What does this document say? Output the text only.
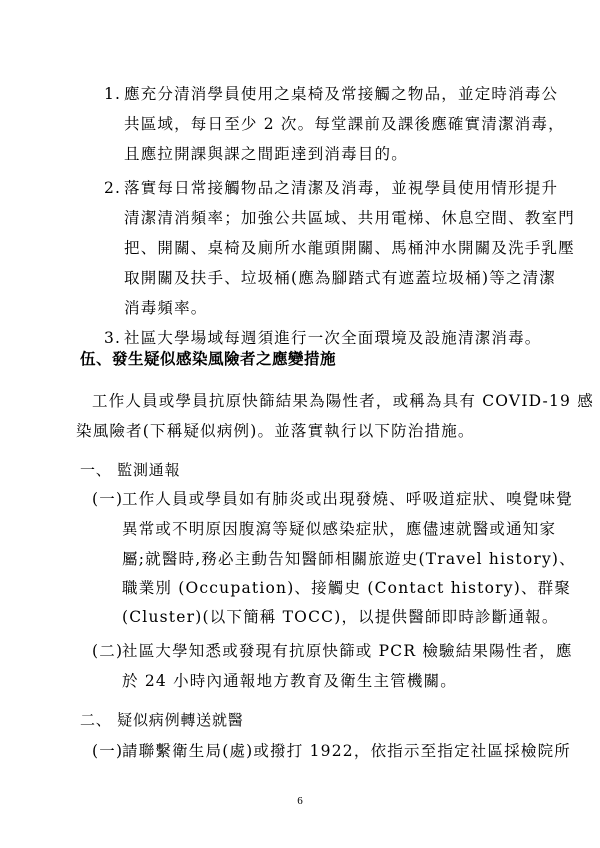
1. 應充分清消學員使用之桌椅及常接觸之物品，並定時消毒公
共區域，每日至少 2 次。每堂課前及課後應確實清潔消毒，
且應拉開課與課之間距達到消毒目的。
2. 落實每日常接觸物品之清潔及消毒，並視學員使用情形提升
清潔清消頻率；加強公共區域、共用電梯、休息空間、教室門
把、開關、桌椅及廁所水龍頭開關、馬桶沖水開關及洗手乳壓
取開關及扶手、垃圾桶(應為腳踏式有遮蓋垃圾桶)等之清潔
消毒頻率。
3. 社區大學場域每週須進行一次全面環境及設施清潔消毒。
伍、發生疑似感染風險者之應變措施
工作人員或學員抗原快篩結果為陽性者，或稱為具有 COVID-19 感
染風險者(下稱疑似病例)。並落實執行以下防治措施。
一、 監測通報
(一)
工作人員或學員如有肺炎或出現發燒、呼吸道症狀、嗅覺味覺
異常或不明原因腹瀉等疑似感染症狀，應儘速就醫或通知家
屬;就醫時,務必主動告知醫師相關旅遊史(Travel history)、
職業別 (Occupation)、接觸史 (Contact history)、群聚
(Cluster)(以下簡稱 TOCC)，以提供醫師即時診斷通報。
(二)
社區大學知悉或發現有抗原快篩或 PCR 檢驗結果陽性者，應
於 24 小時內通報地方教育及衛生主管機關。
二、 疑似病例轉送就醫
(一)
請聯繫衛生局(處)或撥打 1922，依指示至指定社區採檢院所
6
